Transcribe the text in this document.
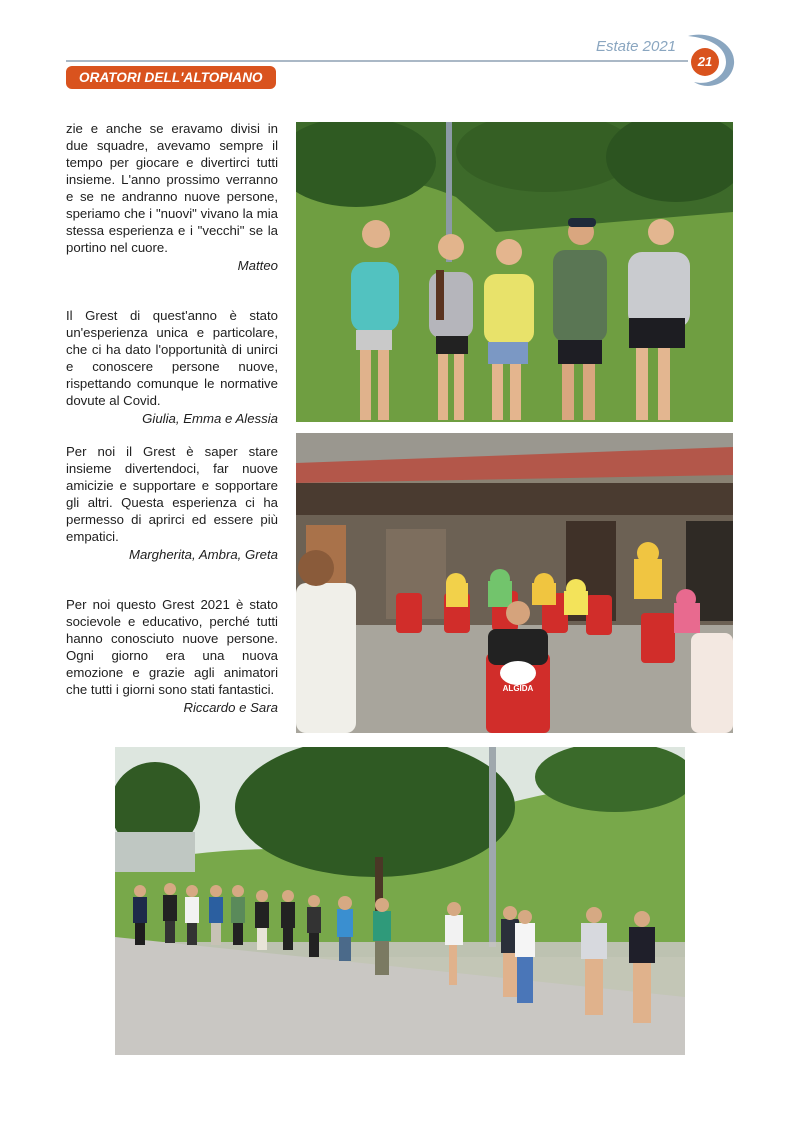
Estate 2021
21
ORATORI DELL'ALTOPIANO

zie e anche se eravamo divisi in due squadre, avevamo sempre il tempo per giocare e divertirci tutti insieme. L'anno prossimo verranno e se ne andranno nuove persone, speriamo che i "nuovi" vivano la mia stessa esperienza e i "vecchi" se la portino nel cuore.

Matteo

Il Grest di quest'anno è stato un'esperienza unica e particolare, che ci ha dato l'opportunità di unirci e conoscere persone nuove, rispettando comunque le normative dovute al Covid.

Giulia, Emma e Alessia

Per noi il Grest è saper stare insieme divertendoci, far nuove amicizie e supportare e sopportare gli altri. Questa esperienza ci ha permesso di aprirci ed essere più empatici.

Margherita, Ambra, Greta

Per noi questo Grest 2021 è stato socievole e educativo, perché tutti hanno conosciuto nuove persone. Ogni giorno era una nuova emozione e grazie agli animatori che tutti i giorni sono stati fantastici.

Riccardo e Sara
ALGIDA
